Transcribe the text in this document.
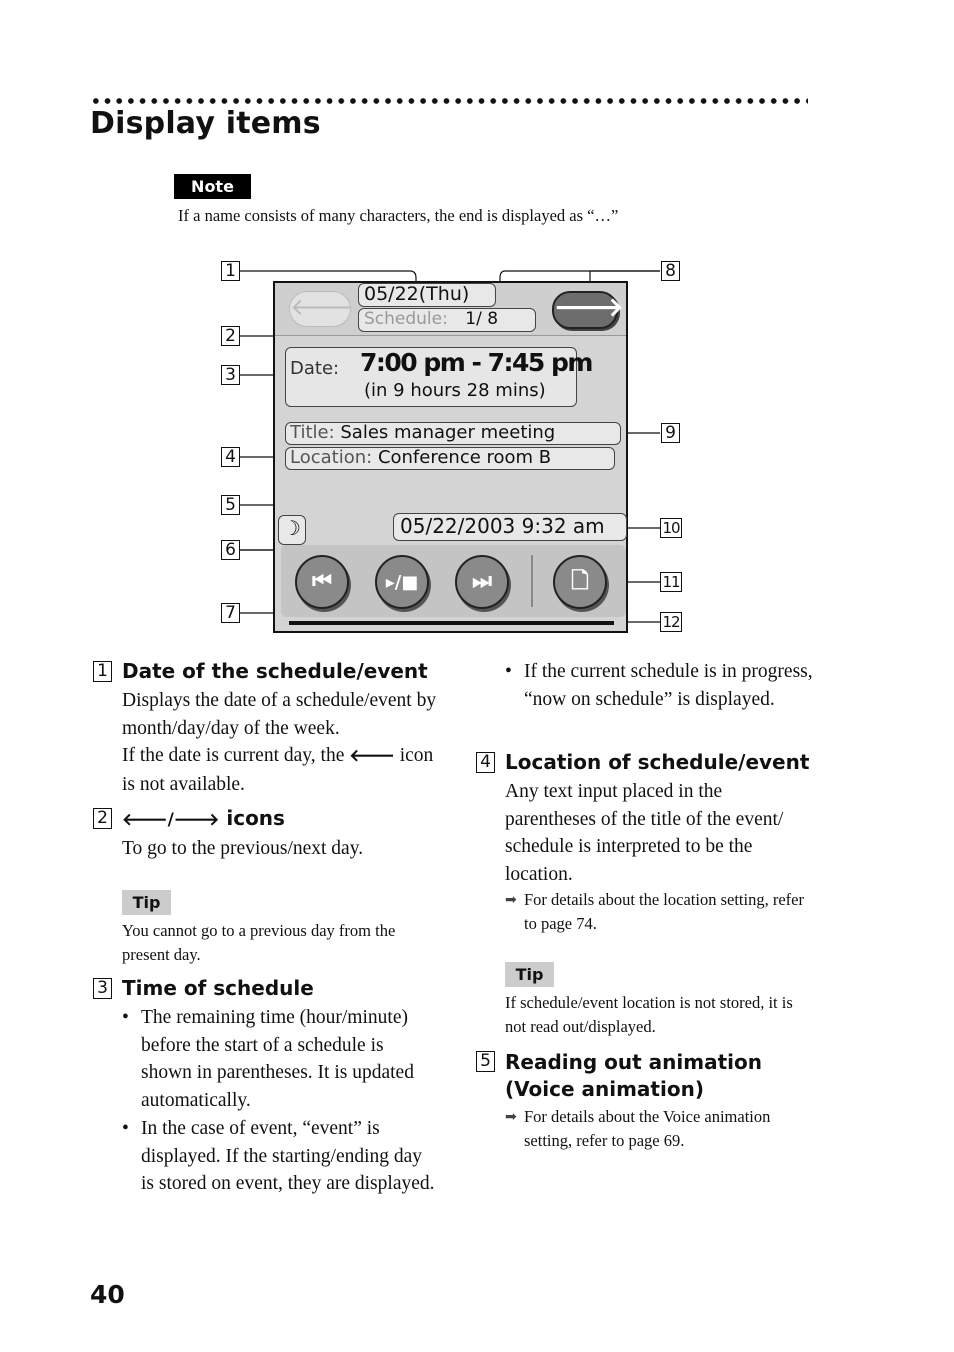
Display items
Note
If a name consists of many characters, the end is displayed as “…”
1
2
3
4
5
6
7
8
9
10
11
12
🡐
05/22(Thu)
Schedule: 1/ 8	🡒
Date: 7:00 pm - 7:45 pm
(in 9 hours 28 mins)
Title: Sales manager meeting
Location: Conference room B
☽	05/22/2003 9:32 am
⏮	▸/■	⏭	🗋
1 Date of the schedule/event
Displays the date of a schedule/event by month/day/day of the week.
If the date is current day, the 🡐 icon is not available.
2 🡐/🡒 icons
To go to the previous/next day.
Tip
You cannot go to a previous day from the present day.
3 Time of schedule
• The remaining time (hour/minute) before the start of a schedule is shown in parentheses. It is updated automatically.
• In the case of event, “event” is displayed. If the starting/ending day is stored on event, they are displayed.
• If the current schedule is in progress, “now on schedule” is displayed.
4 Location of schedule/event
Any text input placed in the parentheses of the title of the event/ schedule is interpreted to be the location.
➡ For details about the location setting, refer to page 74.
Tip
If schedule/event location is not stored, it is not read out/displayed.
5 Reading out animation (Voice animation)
➡ For details about the Voice animation setting, refer to page 69.
40
